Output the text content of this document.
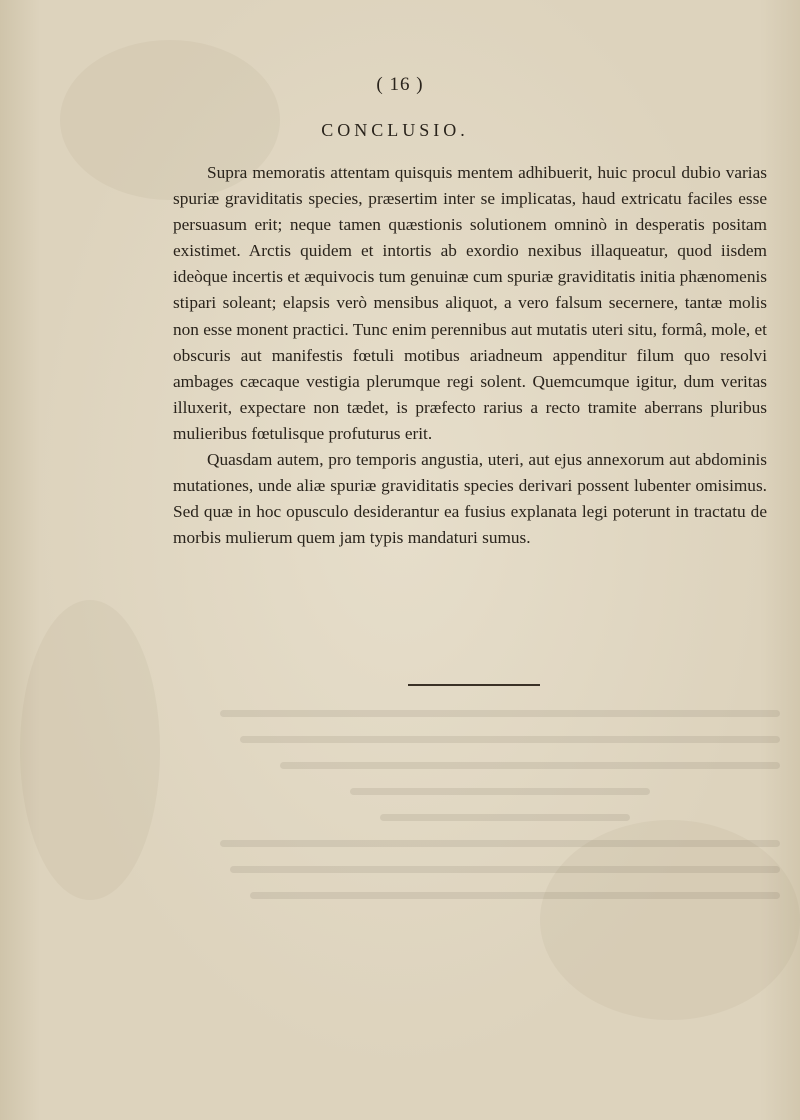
( 16 )
CONCLUSIO.

Supra memoratis attentam quisquis mentem adhibuerit, huic procul dubio varias spuriæ graviditatis species, præsertim inter se implicatas, haud extricatu faciles esse persuasum erit; neque tamen quæstionis solutionem omninò in desperatis positam existimet. Arctis quidem et intortis ab exordio nexibus illaqueatur, quod iisdem ideòque incertis et æquivocis tum genuinæ cum spuriæ graviditatis initia phænomenis stipari soleant; elapsis verò mensibus aliquot, a vero falsum secernere, tantæ molis non esse monent practici. Tunc enim perennibus aut mutatis uteri situ, formâ, mole, et obscuris aut manifestis fœtuli motibus ariadneum appenditur filum quo resolvi ambages cæcaque vestigia plerumque regi solent. Quemcumque igitur, dum veritas illuxerit, expectare non tædet, is præfecto rarius a recto tramite aberrans pluribus mulieribus fœtulisque profuturus erit.

Quasdam autem, pro temporis angustia, uteri, aut ejus annexorum aut abdominis mutationes, unde aliæ spuriæ graviditatis species derivari possent lubenter omisimus. Sed quæ in hoc opusculo desiderantur ea fusius explanata legi poterunt in tractatu de morbis mulierum quem jam typis mandaturi sumus.
